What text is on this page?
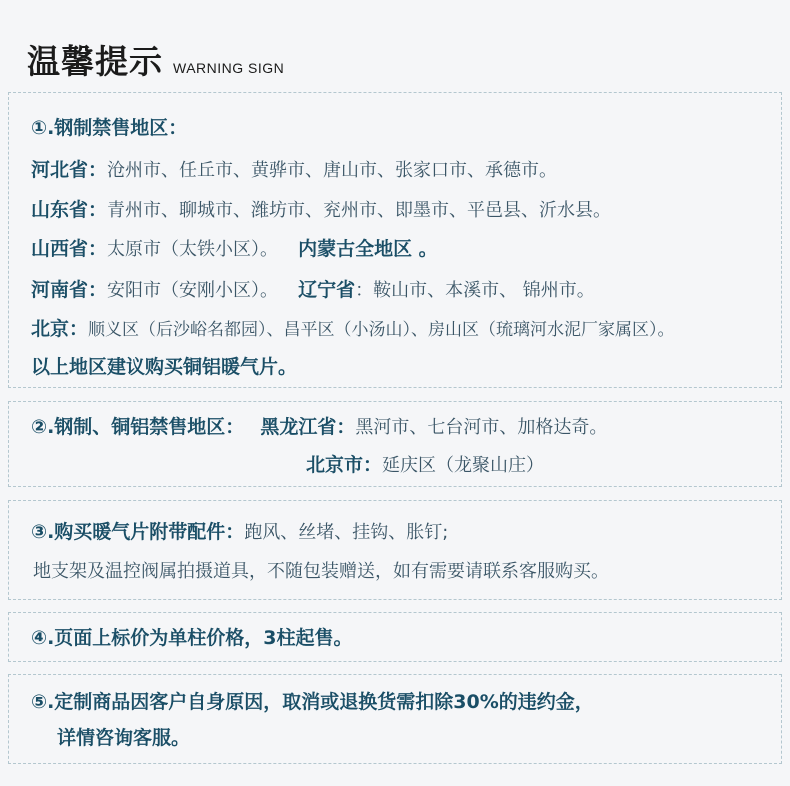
温馨提示 WARNING SIGN
①.钢制禁售地区：
河北省：沧州市、任丘市、黄骅市、唐山市、张家口市、承德市。
山东省：青州市、聊城市、潍坊市、兖州市、即墨市、平邑县、沂水县。
山西省：太原市（太铁小区）。 内蒙古全地区 。
河南省：安阳市（安刚小区）。 辽宁省：鞍山市、本溪市、 锦州市。
北京：顺义区（后沙峪名都园）、昌平区（小汤山）、房山区（琉璃河水泥厂家属区）。
以上地区建议购买铜铝暖气片。
②.钢制、铜铝禁售地区： 黑龙江省：黑河市、七台河市、加格达奇。
北京市：延庆区（龙聚山庄）
③.购买暖气片附带配件：跑风、丝堵、挂钩、胀钉;
地支架及温控阀属拍摄道具，不随包装赠送，如有需要请联系客服购买。
④.页面上标价为单柱价格，3柱起售。
⑤.定制商品因客户自身原因，取消或退换货需扣除30%的违约金，
详情咨询客服。
